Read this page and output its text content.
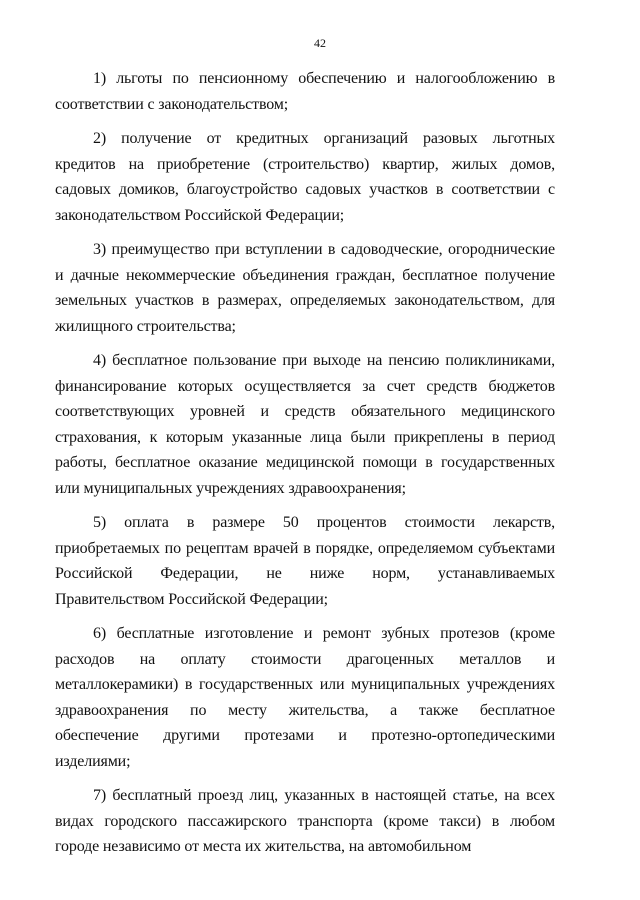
42
1) льготы по пенсионному обеспечению и налогообложению в
соответствии с законодательством;
2) получение от кредитных организаций разовых льготных
кредитов на приобретение (строительство) квартир, жилых домов,
садовых домиков, благоустройство садовых участков в соответствии с
законодательством Российской Федерации;
3) преимущество при вступлении в садоводческие, огороднические
и дачные некоммерческие объединения граждан, бесплатное получение
земельных участков в размерах, определяемых законодательством, для
жилищного строительства;
4) бесплатное пользование при выходе на пенсию поликлиниками,
финансирование которых осуществляется за счет средств бюджетов
соответствующих уровней и средств обязательного медицинского
страхования, к которым указанные лица были прикреплены в период
работы, бесплатное оказание медицинской помощи в государственных
или муниципальных учреждениях здравоохранения;
5) оплата в размере 50 процентов стоимости лекарств,
приобретаемых по рецептам врачей в порядке, определяемом субъектами
Российской Федерации, не ниже норм, устанавливаемых
Правительством Российской Федерации;
6) бесплатные изготовление и ремонт зубных протезов (кроме
расходов на оплату стоимости драгоценных металлов и
металлокерамики) в государственных или муниципальных учреждениях
здравоохранения по месту жительства, а также бесплатное
обеспечение другими протезами и протезно-ортопедическими
изделиями;
7) бесплатный проезд лиц, указанных в настоящей статье, на всех
видах городского пассажирского транспорта (кроме такси) в любом
городе независимо от места их жительства, на автомобильном
